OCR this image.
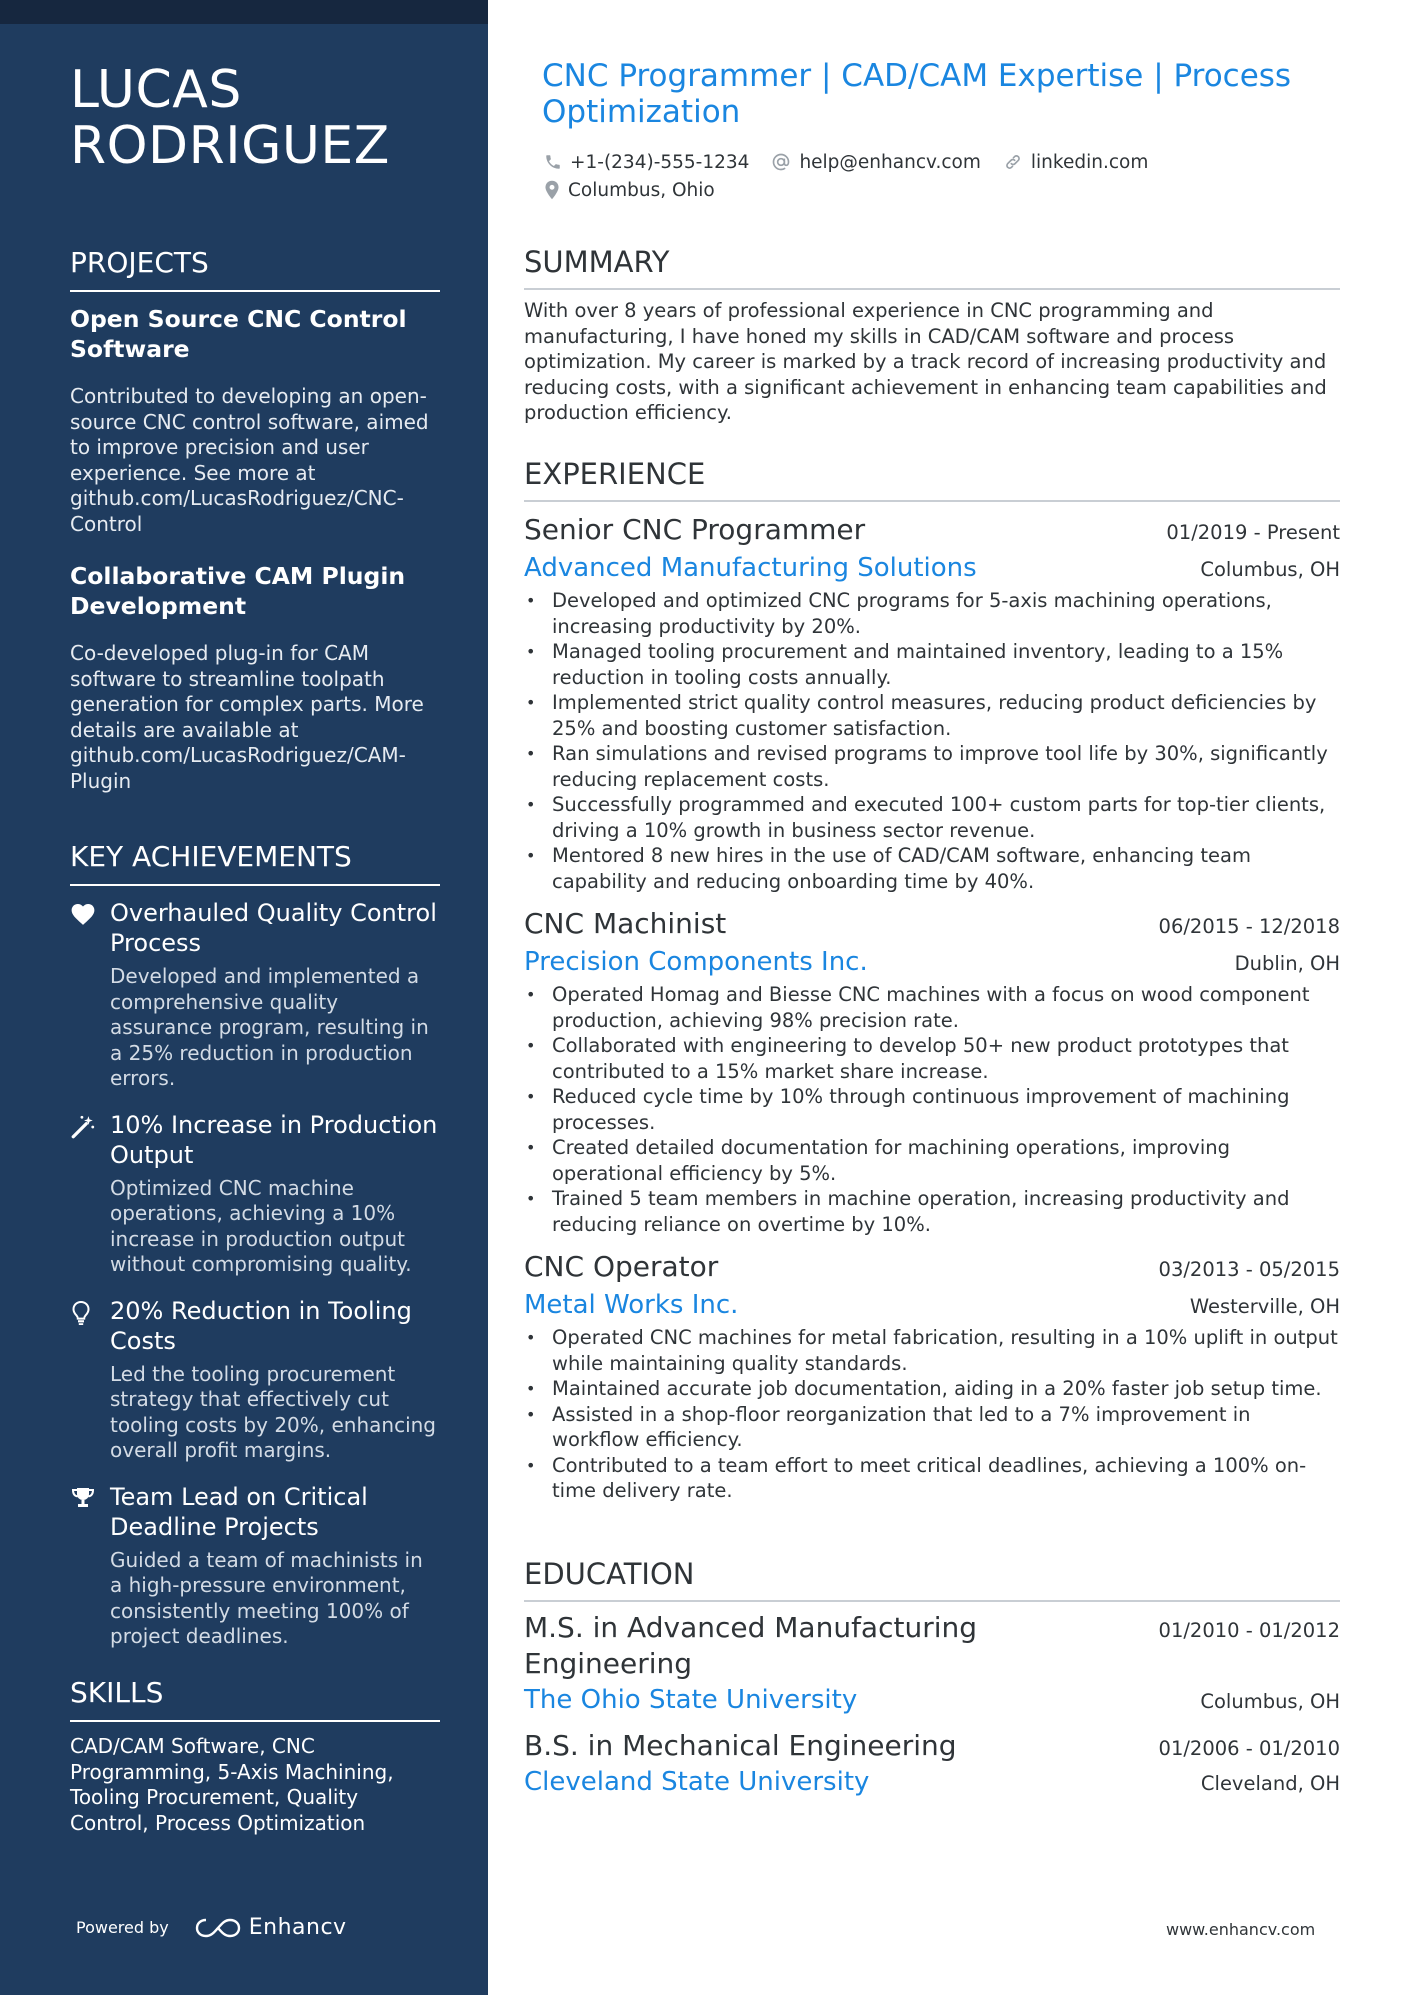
LUCAS RODRIGUEZ
PROJECTS
Open Source CNC Control Software
Contributed to developing an open-source CNC control software, aimed to improve precision and user experience. See more at github.com/LucasRodriguez/CNC-Control
Collaborative CAM Plugin Development
Co-developed plug-in for CAM software to streamline toolpath generation for complex parts. More details are available at github.com/LucasRodriguez/CAM-Plugin
KEY ACHIEVEMENTS
Overhauled Quality Control Process
Developed and implemented a comprehensive quality assurance program, resulting in a 25% reduction in production errors.
10% Increase in Production Output
Optimized CNC machine operations, achieving a 10% increase in production output without compromising quality.
20% Reduction in Tooling Costs
Led the tooling procurement strategy that effectively cut tooling costs by 20%, enhancing overall profit margins.
Team Lead on Critical Deadline Projects
Guided a team of machinists in a high-pressure environment, consistently meeting 100% of project deadlines.
SKILLS
CAD/CAM Software, CNC Programming, 5-Axis Machining, Tooling Procurement, Quality Control, Process Optimization
Powered by	Enhancv
CNC Programmer | CAD/CAM Expertise | Process Optimization
+1-(234)-555-1234	help@enhancv.com	linkedin.com
Columbus, Ohio
SUMMARY

With over 8 years of professional experience in CNC programming and manufacturing, I have honed my skills in CAD/CAM software and process optimization. My career is marked by a track record of increasing productivity and reducing costs, with a significant achievement in enhancing team capabilities and production efficiency.

EXPERIENCE
Senior CNC Programmer	01/2019 - Present
Advanced Manufacturing Solutions	Columbus, OH
• Developed and optimized CNC programs for 5-axis machining operations, increasing productivity by 20%.
• Managed tooling procurement and maintained inventory, leading to a 15% reduction in tooling costs annually.
• Implemented strict quality control measures, reducing product deficiencies by 25% and boosting customer satisfaction.
• Ran simulations and revised programs to improve tool life by 30%, significantly reducing replacement costs.
• Successfully programmed and executed 100+ custom parts for top-tier clients, driving a 10% growth in business sector revenue.
• Mentored 8 new hires in the use of CAD/CAM software, enhancing team capability and reducing onboarding time by 40%.
CNC Machinist	06/2015 - 12/2018
Precision Components Inc.	Dublin, OH
• Operated Homag and Biesse CNC machines with a focus on wood component production, achieving 98% precision rate.
• Collaborated with engineering to develop 50+ new product prototypes that contributed to a 15% market share increase.
• Reduced cycle time by 10% through continuous improvement of machining processes.
• Created detailed documentation for machining operations, improving operational efficiency by 5%.
• Trained 5 team members in machine operation, increasing productivity and reducing reliance on overtime by 10%.
CNC Operator	03/2013 - 05/2015
Metal Works Inc.	Westerville, OH
• Operated CNC machines for metal fabrication, resulting in a 10% uplift in output while maintaining quality standards.
• Maintained accurate job documentation, aiding in a 20% faster job setup time.
• Assisted in a shop-floor reorganization that led to a 7% improvement in workflow efficiency.
• Contributed to a team effort to meet critical deadlines, achieving a 100% on-time delivery rate.
EDUCATION
M.S. in Advanced Manufacturing Engineering
01/2010 - 01/2012
The Ohio State University	Columbus, OH
B.S. in Mechanical Engineering	01/2006 - 01/2010
Cleveland State University	Cleveland, OH
www.enhancv.com
